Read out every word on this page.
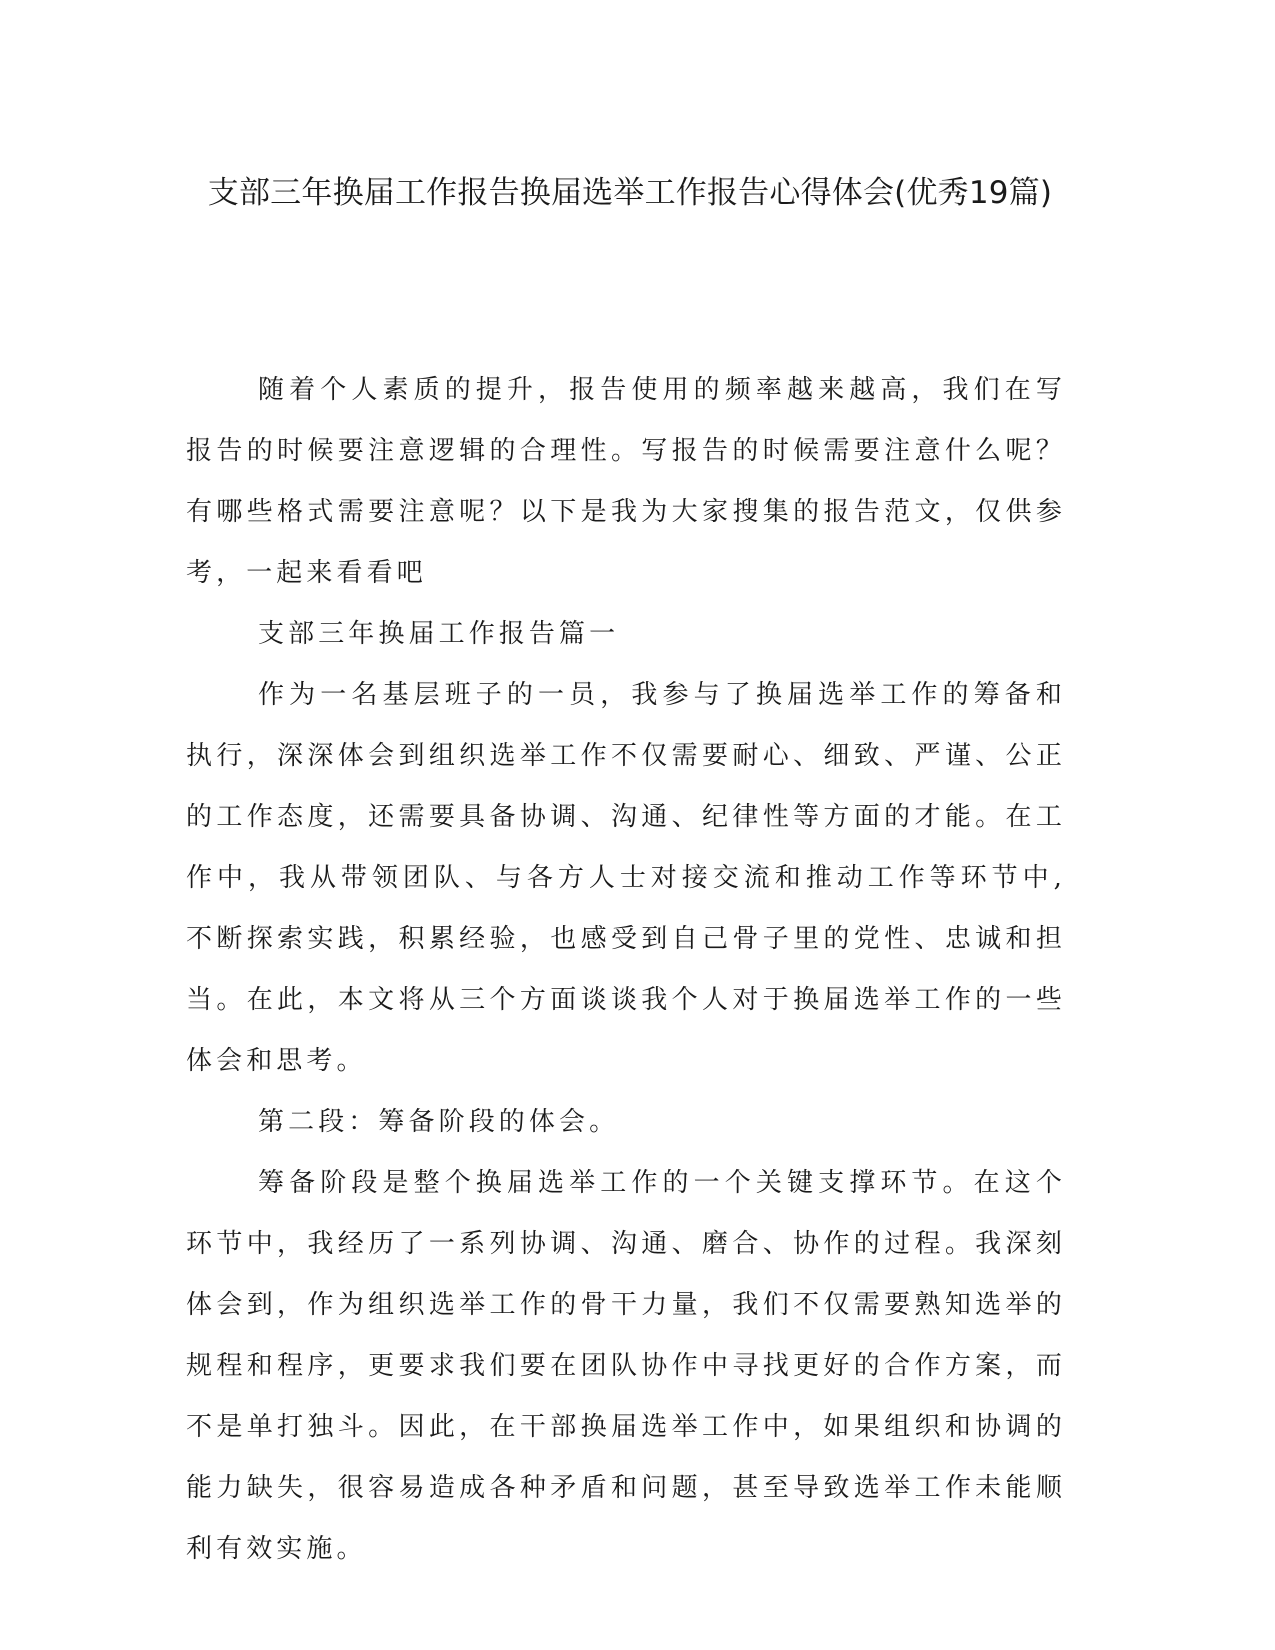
支部三年换届工作报告换届选举工作报告心得体会(优秀19篇)

随着个人素质的提升，报告使用的频率越来越高，我们在写报告的时候要注意逻辑的合理性。写报告的时候需要注意什么呢？有哪些格式需要注意呢？以下是我为大家搜集的报告范文，仅供参考，一起来看看吧

支部三年换届工作报告篇一

作为一名基层班子的一员，我参与了换届选举工作的筹备和执行，深深体会到组织选举工作不仅需要耐心、细致、严谨、公正的工作态度，还需要具备协调、沟通、纪律性等方面的才能。在工作中，我从带领团队、与各方人士对接交流和推动工作等环节中,不断探索实践，积累经验，也感受到自己骨子里的党性、忠诚和担当。在此，本文将从三个方面谈谈我个人对于换届选举工作的一些体会和思考。

第二段：筹备阶段的体会。

筹备阶段是整个换届选举工作的一个关键支撑环节。在这个环节中，我经历了一系列协调、沟通、磨合、协作的过程。我深刻体会到，作为组织选举工作的骨干力量，我们不仅需要熟知选举的规程和程序，更要求我们要在团队协作中寻找更好的合作方案，而不是单打独斗。因此，在干部换届选举工作中，如果组织和协调的能力缺失，很容易造成各种矛盾和问题，甚至导致选举工作未能顺利有效实施。
